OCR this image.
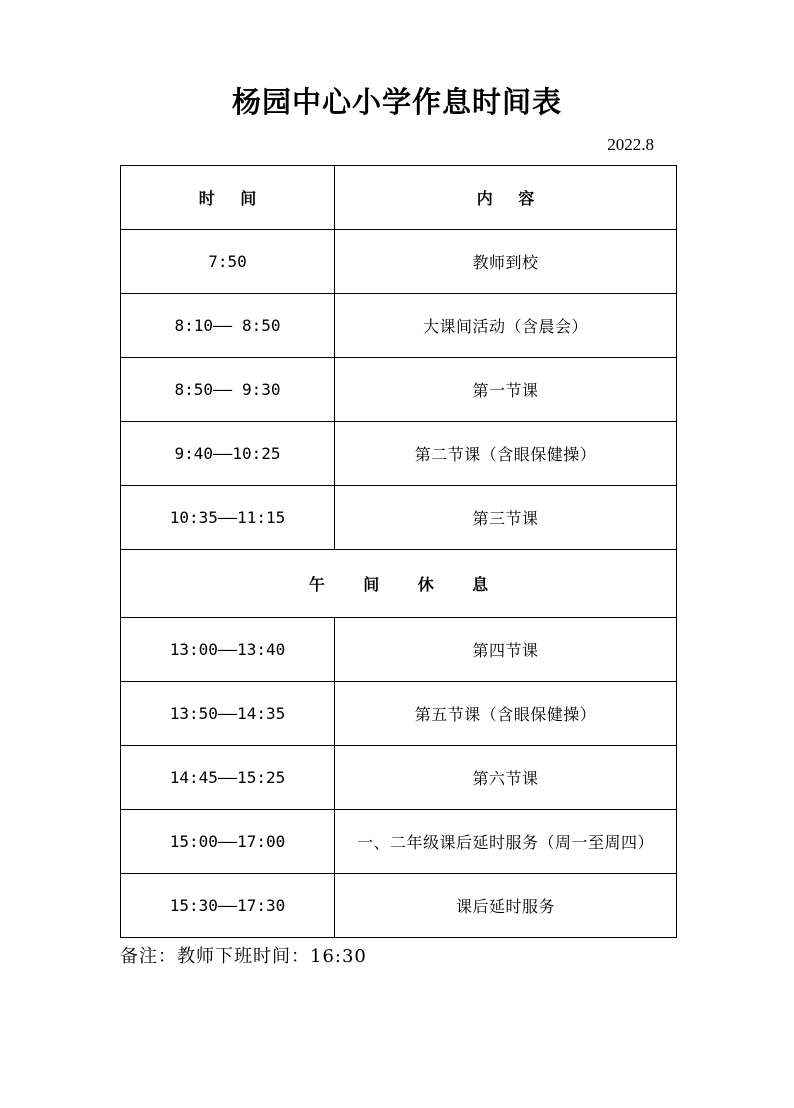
杨园中心小学作息时间表
2022.8
时间	内容
7:50	教师到校
8:10—— 8:50	大课间活动（含晨会）
8:50—— 9:30	第一节课
9:40——10:25	第二节课（含眼保健操）
10:35——11:15	第三节课
午间休息	
13:00——13:40	第四节课
13:50——14:35	第五节课（含眼保健操）
14:45——15:25	第六节课
15:00——17:00	一、二年级课后延时服务（周一至周四）
15:30——17:30	课后延时服务
备注：教师下班时间：16:30
